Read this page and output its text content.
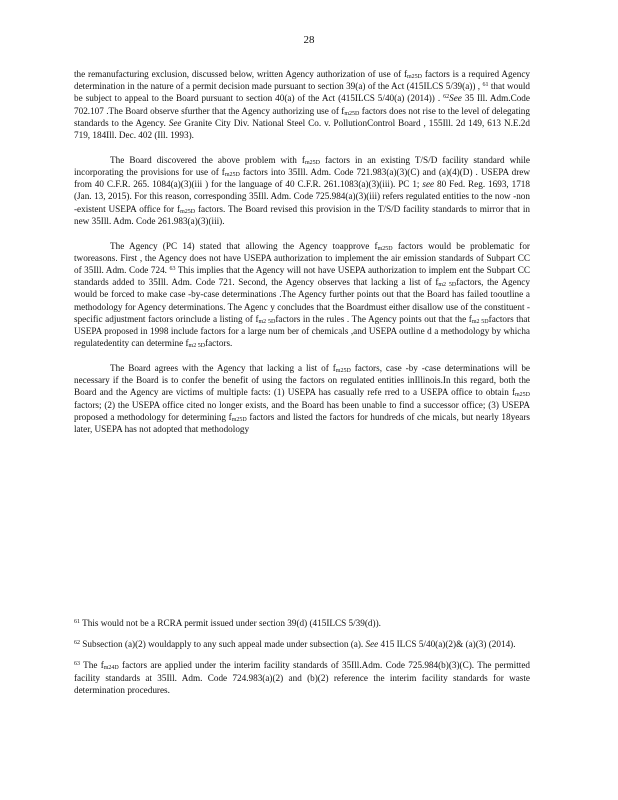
28

the remanufacturing exclusion, discussed below, written Agency authorization of use of $f_{m25D}$ factors is a required Agency determination in the nature of a permit decision made pursuant to section 39(a) of the Act (415ILCS 5/39(a)) , $^{61}$ that would be subject to appeal to the Board pursuant to section 40(a) of the Act (415ILCS 5/40(a) (2014)) . $^{62}$See 35 Ill. Adm.Code 702.107 .The Board observe sfurther that the Agency authorizing use of $f_{m25D}$ factors does not rise to the level of delegating standards to the Agency. See Granite City Div. National Steel Co. v. PollutionControl Board , 155Ill. 2d 149, 613 N.E.2d 719, 184Ill. Dec. 402 (Ill. 1993).

The Board discovered the above problem with $f_{m25D}$ factors in an existing T/S/D facility standard while incorporating the provisions for use of $f_{m25D}$ factors into 35Ill. Adm. Code 721.983(a)(3)(C) and (a)(4)(D) . USEPA drew from 40 C.F.R. 265. 1084(a)(3)(iii ) for the language of 40 C.F.R. 261.1083(a)(3)(iii). PC 1; see 80 Fed. Reg. 1693, 1718 (Jan. 13, 2015). For this reason, corresponding 35Ill. Adm. Code 725.984(a)(3)(iii) refers regulated entities to the now -non -existent USEPA office for $f_{m25D}$ factors. The Board revised this provision in the T/S/D facility standards to mirror that in new 35Ill. Adm. Code 261.983(a)(3)(iii).

The Agency (PC 14) stated that allowing the Agency toapprove $f_{m25D}$ factors would be problematic for tworeasons. First , the Agency does not have USEPA authorization to implement the air emission standards of Subpart CC of 35Ill. Adm. Code 724. $^{63}$ This implies that the Agency will not have USEPA authorization to implem ent the Subpart CC standards added to 35Ill. Adm. Code 721. Second, the Agency observes that lacking a list of $f_{m2 5D}factors$, the Agency would be forced to make case -by-case determinations .The Agency further points out that the Board has failed tooutline a methodology for Agency determinations. The Agenc y concludes that the Boardmust either disallow use of the constituent - specific adjustment factors orinclude a listing of $f_{m2 5D}factors$ in the rules . The Agency points out that the $f_{m2 5D}factors$ that USEPA proposed in 1998 include factors for a large num ber of chemicals ,and USEPA outline d a methodology by whicha regulatedentity can determine $f_{m2 5D}factors$.

The Board agrees with the Agency that lacking a list of $f_{m25D}$ factors, case -by -case determinations will be necessary if the Board is to confer the benefit of using the factors on regulated entities inIllinois.In this regard, both the Board and the Agency are victims of multiple facts: (1) USEPA has casually refe rred to a USEPA office to obtain $f_{m25D}$ factors; (2) the USEPA office cited no longer exists, and the Board has been unable to find a successor office; (3) USEPA proposed a methodology for determining $f_{m25D}$ factors and listed the factors for hundreds of che micals, but nearly 18years later, USEPA has not adopted that methodology

$^{61}$ This would not be a RCRA permit issued under section 39(d) (415ILCS 5/39(d)).

$^{62}$ Subsection (a)(2) wouldapply to any such appeal made under subsection (a). See 415 ILCS 5/40(a)(2)& (a)(3) (2014).

$^{63}$ The $f_{m24D}$ factors are applied under the interim facility standards of 35Ill.Adm. Code 725.984(b)(3)(C). The permitted facility standards at 35Ill. Adm. Code 724.983(a)(2) and (b)(2) reference the interim facility standards for waste determination procedures.
